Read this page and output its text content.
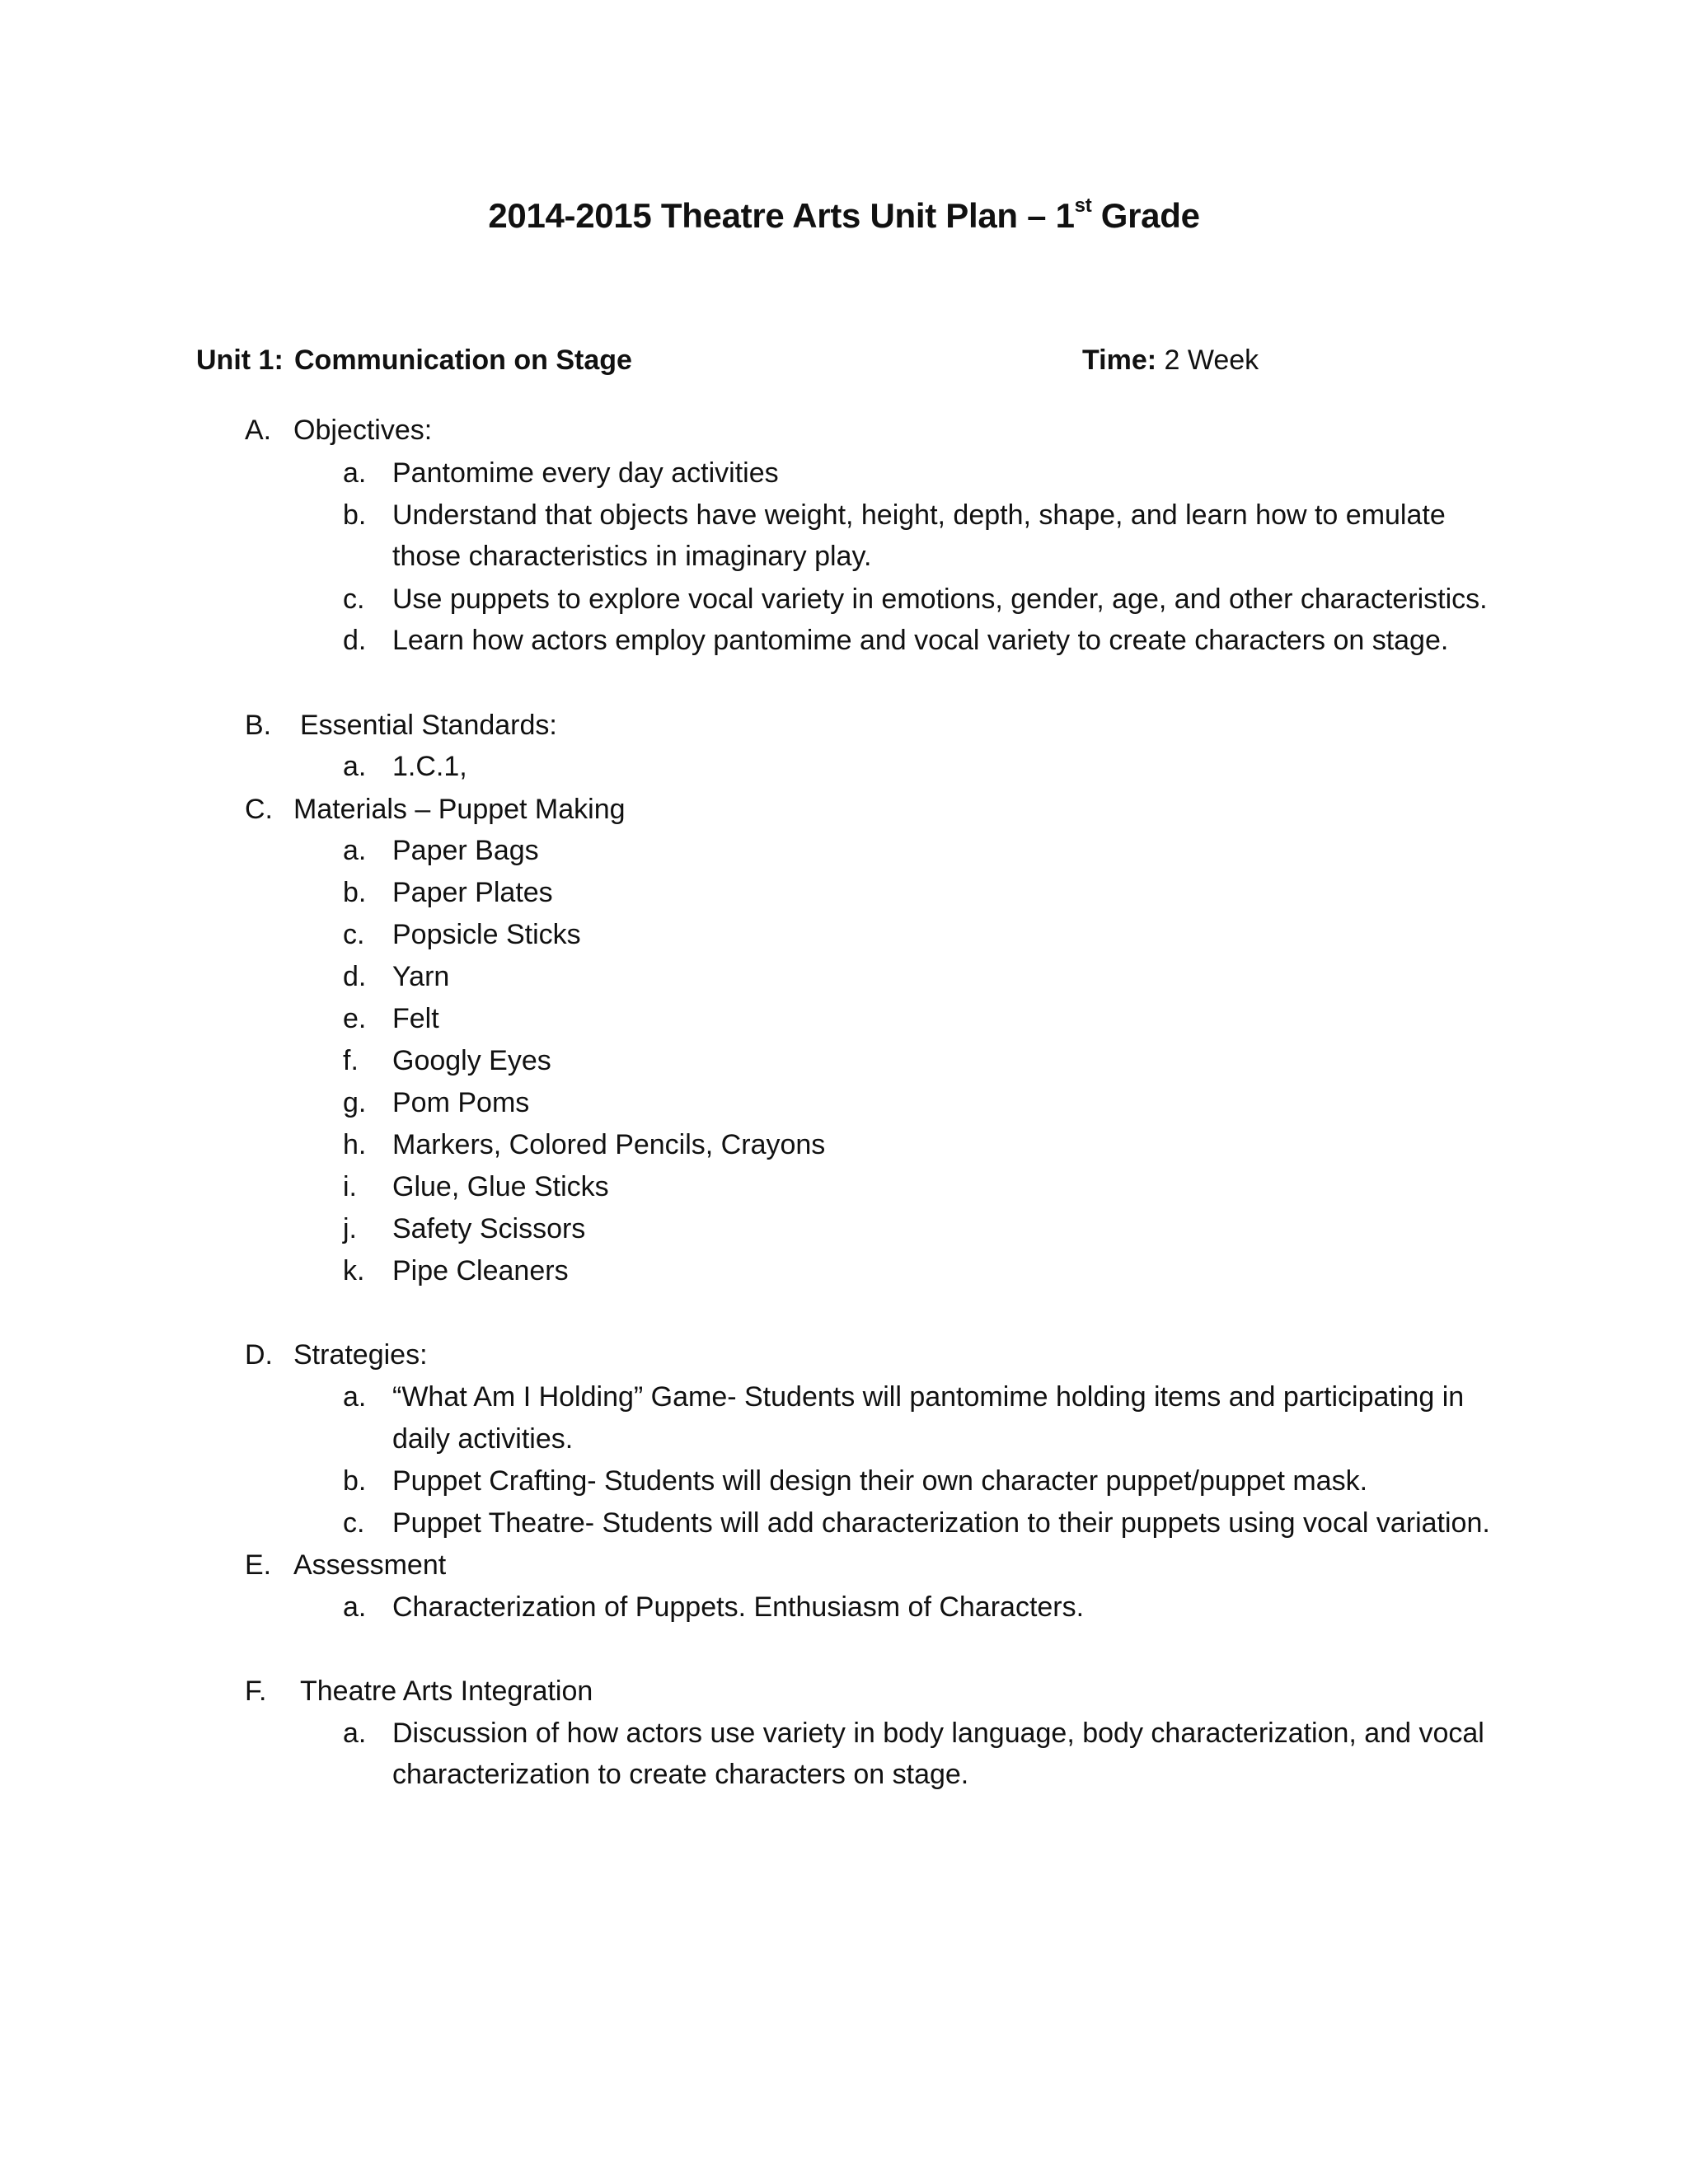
2014-2015 Theatre Arts Unit Plan – 1st Grade
Unit 1: Communication on Stage	Time: 2 Week
A. Objectives:
a. Pantomime every day activities
b. Understand that objects have weight, height, depth, shape, and learn how to emulate
those characteristics in imaginary play.
c. Use puppets to explore vocal variety in emotions, gender, age, and other characteristics.
d. Learn how actors employ pantomime and vocal variety to create characters on stage.
B. Essential Standards:
a. 1.C.1,
C. Materials – Puppet Making
a. Paper Bags
b. Paper Plates
c. Popsicle Sticks
d. Yarn
e. Felt
f.	Googly Eyes
g. Pom Poms
h. Markers, Colored Pencils, Crayons
i.	Glue, Glue Sticks
j.	Safety Scissors
k. Pipe Cleaners
D. Strategies:
a. “What Am I Holding” Game- Students will pantomime holding items and participating in
daily activities.
b. Puppet Crafting- Students will design their own character puppet/puppet mask.
c. Puppet Theatre- Students will add characterization to their puppets using vocal variation.
E. Assessment
a. Characterization of Puppets. Enthusiasm of Characters.
F. Theatre Arts Integration
a. Discussion of how actors use variety in body language, body characterization, and vocal
characterization to create characters on stage.
